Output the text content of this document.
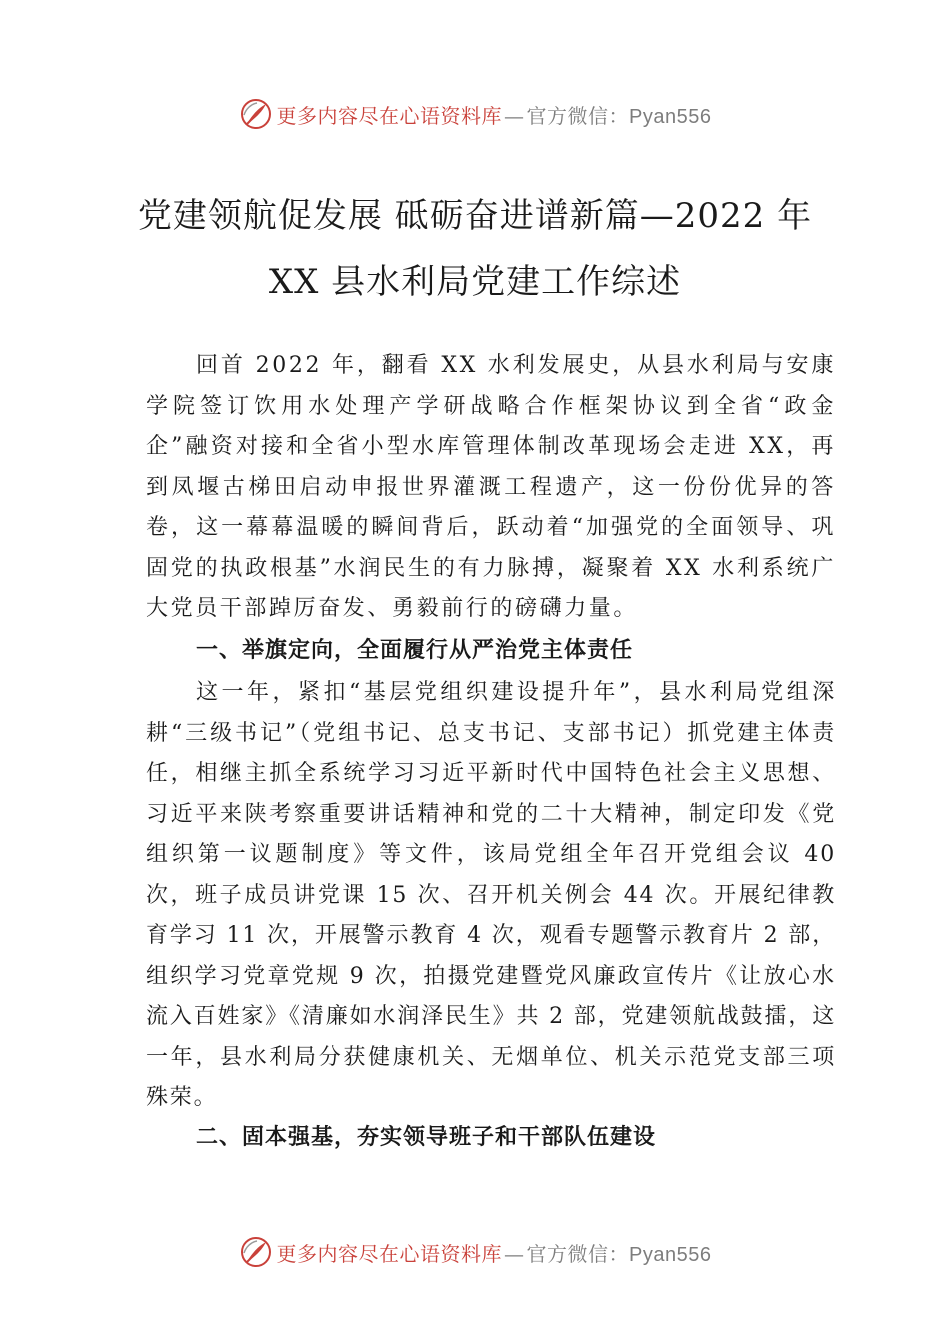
更多内容尽在心语资料库 — 官方微信：Pyan556
党建领航促发展 砥砺奋进谱新篇—2022 年
XX 县水利局党建工作综述

回首 2022 年，翻看 XX 水利发展史，从县水利局与安康学院签订饮用水处理产学研战略合作框架协议到全省“政金企”融资对接和全省小型水库管理体制改革现场会走进 XX，再到凤堰古梯田启动申报世界灌溉工程遗产，这一份份优异的答卷，这一幕幕温暖的瞬间背后，跃动着“加强党的全面领导、巩固党的执政根基”水润民生的有力脉搏，凝聚着 XX 水利系统广大党员干部踔厉奋发、勇毅前行的磅礴力量。

一、举旗定向，全面履行从严治党主体责任

这一年，紧扣“基层党组织建设提升年”，县水利局党组深耕“三级书记”（党组书记、总支书记、支部书记）抓党建主体责任，相继主抓全系统学习习近平新时代中国特色社会主义思想、习近平来陕考察重要讲话精神和党的二十大精神，制定印发《党组织第一议题制度》等文件，该局党组全年召开党组会议 40 次，班子成员讲党课 15 次、召开机关例会 44 次。开展纪律教育学习 11 次，开展警示教育 4 次，观看专题警示教育片 2 部，组织学习党章党规 9 次，拍摄党建暨党风廉政宣传片《让放心水流入百姓家》《清廉如水润泽民生》共 2 部，党建领航战鼓擂，这一年，县水利局分获健康机关、无烟单位、机关示范党支部三项殊荣。

二、固本强基，夯实领导班子和干部队伍建设
更多内容尽在心语资料库 — 官方微信：Pyan556
